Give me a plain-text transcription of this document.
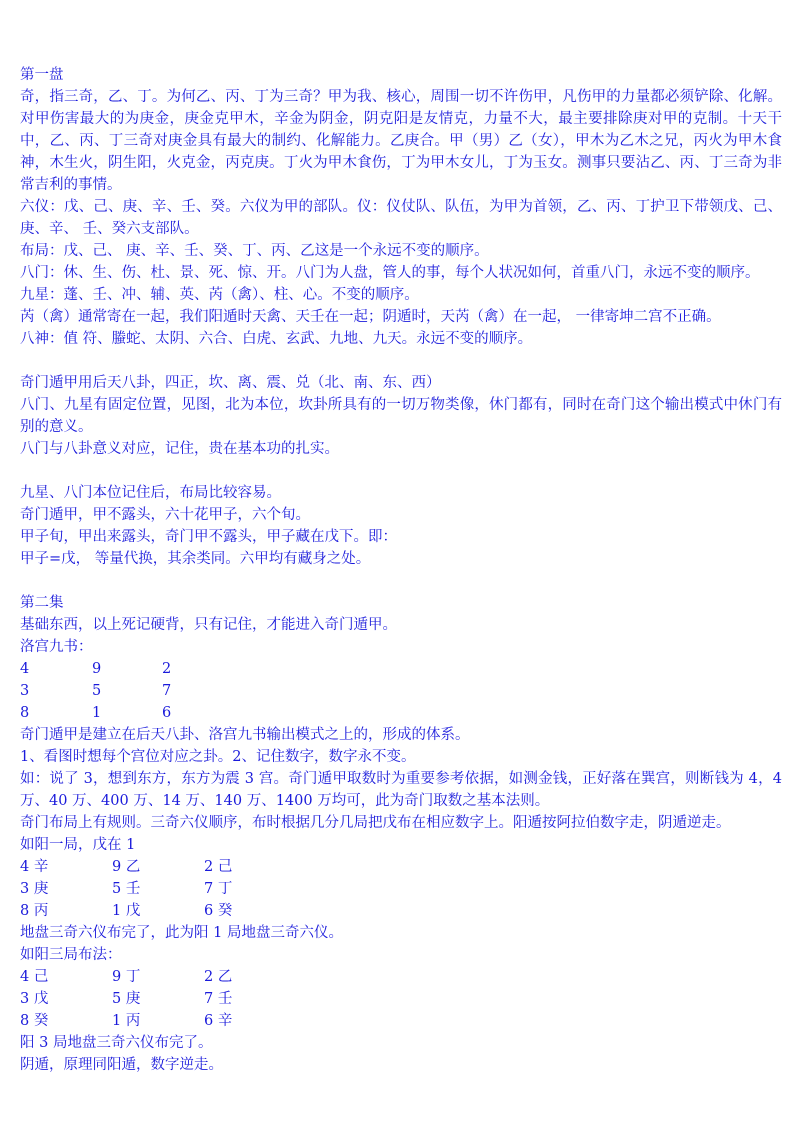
第一盘

奇，指三奇，乙、丁。为何乙、丙、丁为三奇？甲为我、核心，周围一切不许伤甲，凡伤甲的力量都必须铲除、化解。对甲伤害最大的为庚金，庚金克甲木，辛金为阴金，阴克阳是友情克，力量不大，最主要排除庚对甲的克制。十天干中，乙、丙、丁三奇对庚金具有最大的制约、化解能力。乙庚合。甲（男）乙（女），甲木为乙木之兄，丙火为甲木食神，木生火，阴生阳，火克金，丙克庚。丁火为甲木食伤，丁为甲木女儿，丁为玉女。测事只要沾乙、丙、丁三奇为非常吉利的事情。

六仪：戊、己、庚、辛、壬、癸。六仪为甲的部队。仪：仪仗队、队伍，为甲为首领，乙、丙、丁护卫下带领戊、己、庚、辛、 壬、癸六支部队。

布局：戊、己、 庚、辛、壬、癸、丁、丙、乙这是一个永远不变的顺序。

八门：休、生、伤、杜、景、死、惊、开。八门为人盘，管人的事，每个人状况如何，首重八门，永远不变的顺序。

九星：蓬、壬、冲、辅、英、芮（禽）、柱、心。不变的顺序。

芮（禽）通常寄在一起，我们阳遁时天禽、天壬在一起；阴遁时，天芮（禽）在一起， 一律寄坤二宫不正确。

八神：值 符、螣蛇、太阴、六合、白虎、玄武、九地、九天。永远不变的顺序。

奇门遁甲用后天八卦，四正，坎、离、震、兑（北、南、东、西）

八门、九星有固定位置，见图，北为本位，坎卦所具有的一切万物类像，休门都有，同时在奇门这个输出模式中休门有别的意义。

八门与八卦意义对应，记住，贵在基本功的扎实。

九星、八门本位记住后，布局比较容易。

奇门遁甲，甲不露头，六十花甲子，六个旬。

甲子旬，甲出来露头，奇门甲不露头，甲子藏在戊下。即：

甲子=戊， 等量代换，其余类同。六甲均有藏身之处。

第二集

基础东西，以上死记硬背，只有记住，才能进入奇门遁甲。

洛宫九书：

4	9	2
3	5	7
8	1	6

奇门遁甲是建立在后天八卦、洛宫九书输出模式之上的，形成的体系。

1、看图时想每个宫位对应之卦。2、记住数字，数字永不变。

如：说了 3，想到东方，东方为震 3 宫。奇门遁甲取数时为重要参考依据，如测金钱，正好落在巽宫，则断钱为 4，4 万、40 万、400 万、14 万、140 万、1400 万均可，此为奇门取数之基本法则。

奇门布局上有规则。三奇六仪顺序，布时根据几分几局把戊布在相应数字上。阳遁按阿拉伯数字走，阴遁逆走。

如阳一局，戊在 1

4 辛	9 乙	2 己
3 庚	5 壬	7 丁
8 丙	1 戊	6 癸

地盘三奇六仪布完了，此为阳 1 局地盘三奇六仪。

如阳三局布法：

4 己	9 丁	2 乙
3 戊	5 庚	7 壬
8 癸	1 丙	6 辛

阳 3 局地盘三奇六仪布完了。

阴遁，原理同阳遁，数字逆走。
